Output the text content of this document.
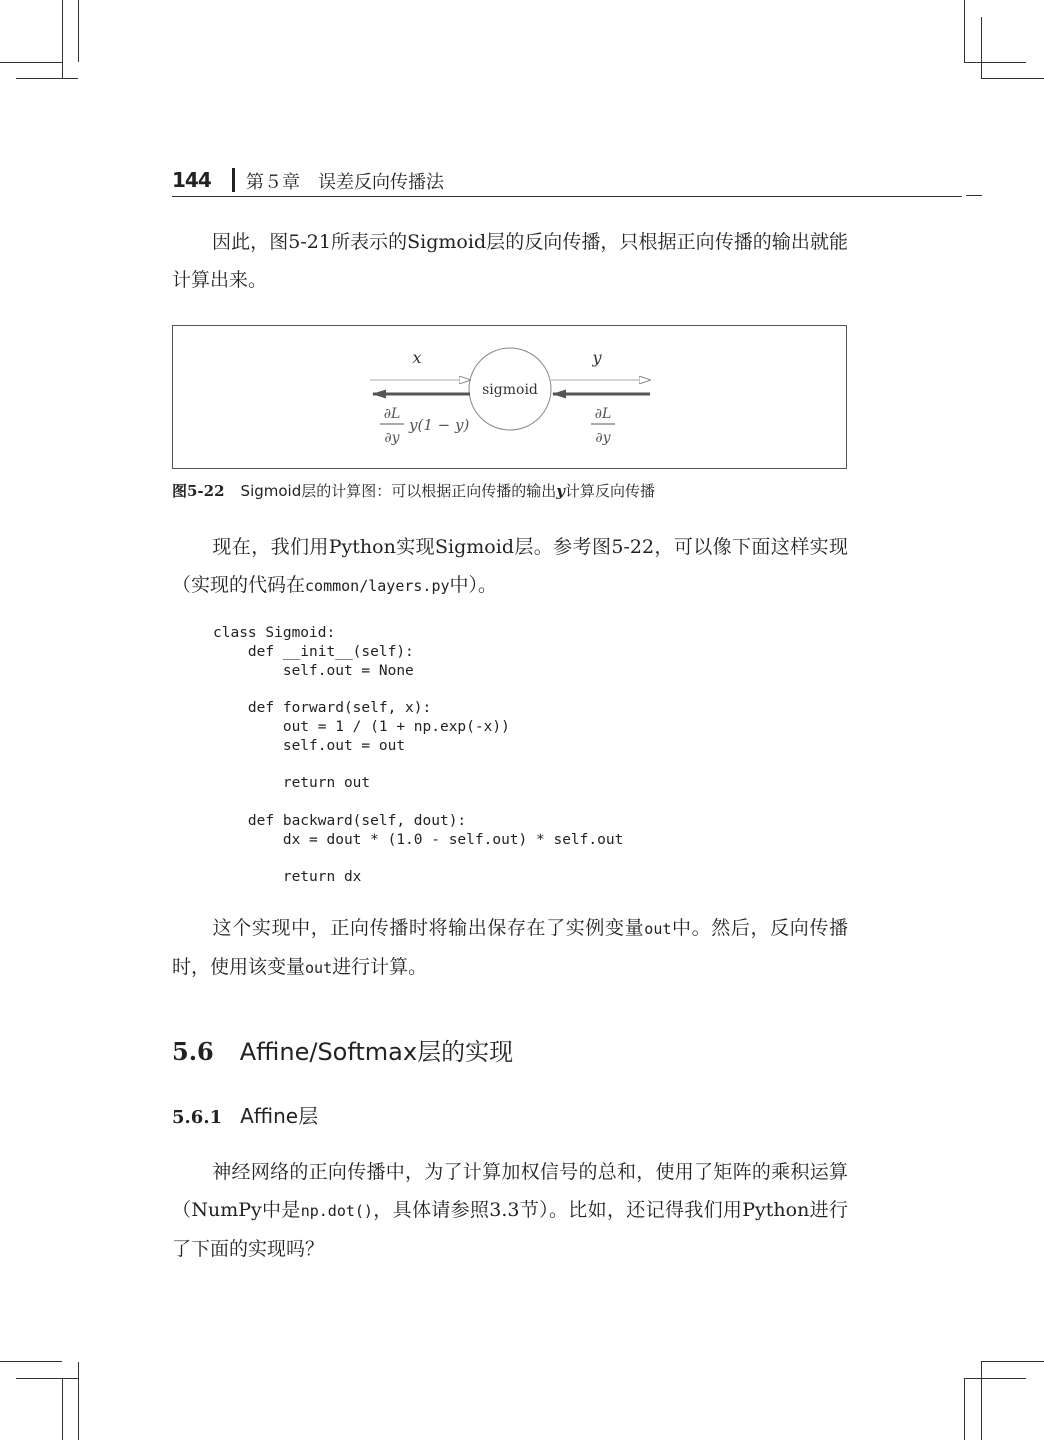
144 第５章　误差反向传播法
因此，图5-21所表示的Sigmoid层的反向传播，只根据正向传播的输出就能计算出来。
sigmoid
x	y
∂L
∂y
y(1 − y)
∂L
∂y
图5-22 Sigmoid层的计算图：可以根据正向传播的输出y计算反向传播
现在，我们用Python实现Sigmoid层。参考图5-22，可以像下面这样实现（实现的代码在common/layers.py中）。
class Sigmoid:
def __init__(self):
self.out = None
def forward(self, x):
out = 1 / (1 + np.exp(-x))
self.out = out
return out
def backward(self, dout):
dx = dout * (1.0 - self.out) * self.out
return dx
这个实现中，正向传播时将输出保存在了实例变量out中。然后，反向传播时，使用该变量out进行计算。
5.6 Affine/Softmax层的实现
5.6.1 Affine层
神经网络的正向传播中，为了计算加权信号的总和，使用了矩阵的乘积运算（NumPy中是np.dot()，具体请参照3.3节）。比如，还记得我们用Python进行了下面的实现吗？
